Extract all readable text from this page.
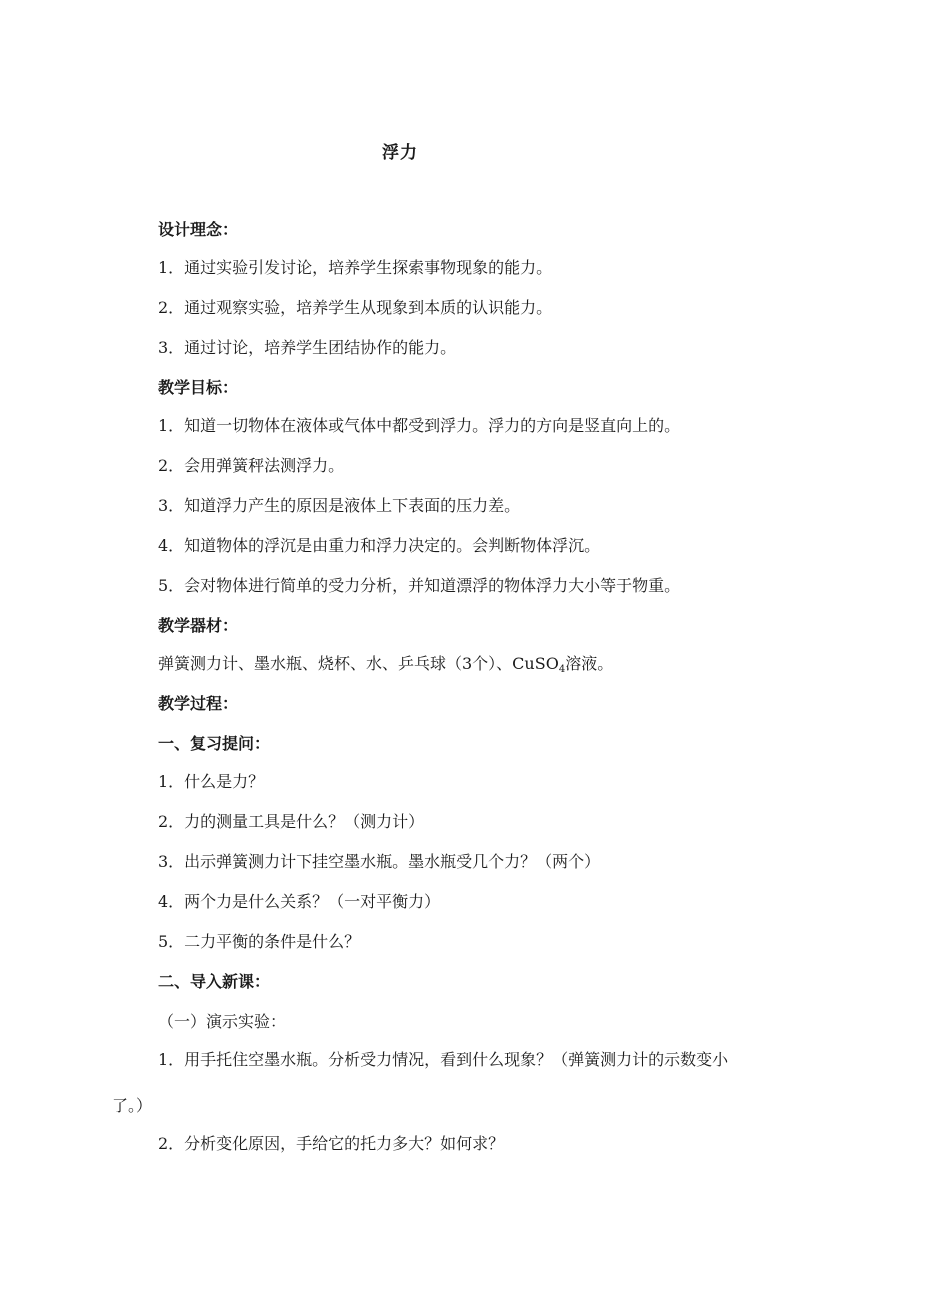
浮力
设计理念：
1．通过实验引发讨论，培养学生探索事物现象的能力。
2．通过观察实验，培养学生从现象到本质的认识能力。
3．通过讨论，培养学生团结协作的能力。
教学目标：
1．知道一切物体在液体或气体中都受到浮力。浮力的方向是竖直向上的。
2．会用弹簧秤法测浮力。
3．知道浮力产生的原因是液体上下表面的压力差。
4．知道物体的浮沉是由重力和浮力决定的。会判断物体浮沉。
5．会对物体进行简单的受力分析，并知道漂浮的物体浮力大小等于物重。
教学器材：
弹簧测力计、墨水瓶、烧杯、水、乒乓球（3个）、CuSO$_4$溶液。
教学过程：
一、复习提问：
1．什么是力？
2．力的测量工具是什么？（测力计）
3．出示弹簧测力计下挂空墨水瓶。墨水瓶受几个力？（两个）
4．两个力是什么关系？（一对平衡力）
5．二力平衡的条件是什么？
二、导入新课：
（一）演示实验：
1．用手托住空墨水瓶。分析受力情况，看到什么现象？（弹簧测力计的示数变小
了。）
2．分析变化原因，手给它的托力多大？如何求？
